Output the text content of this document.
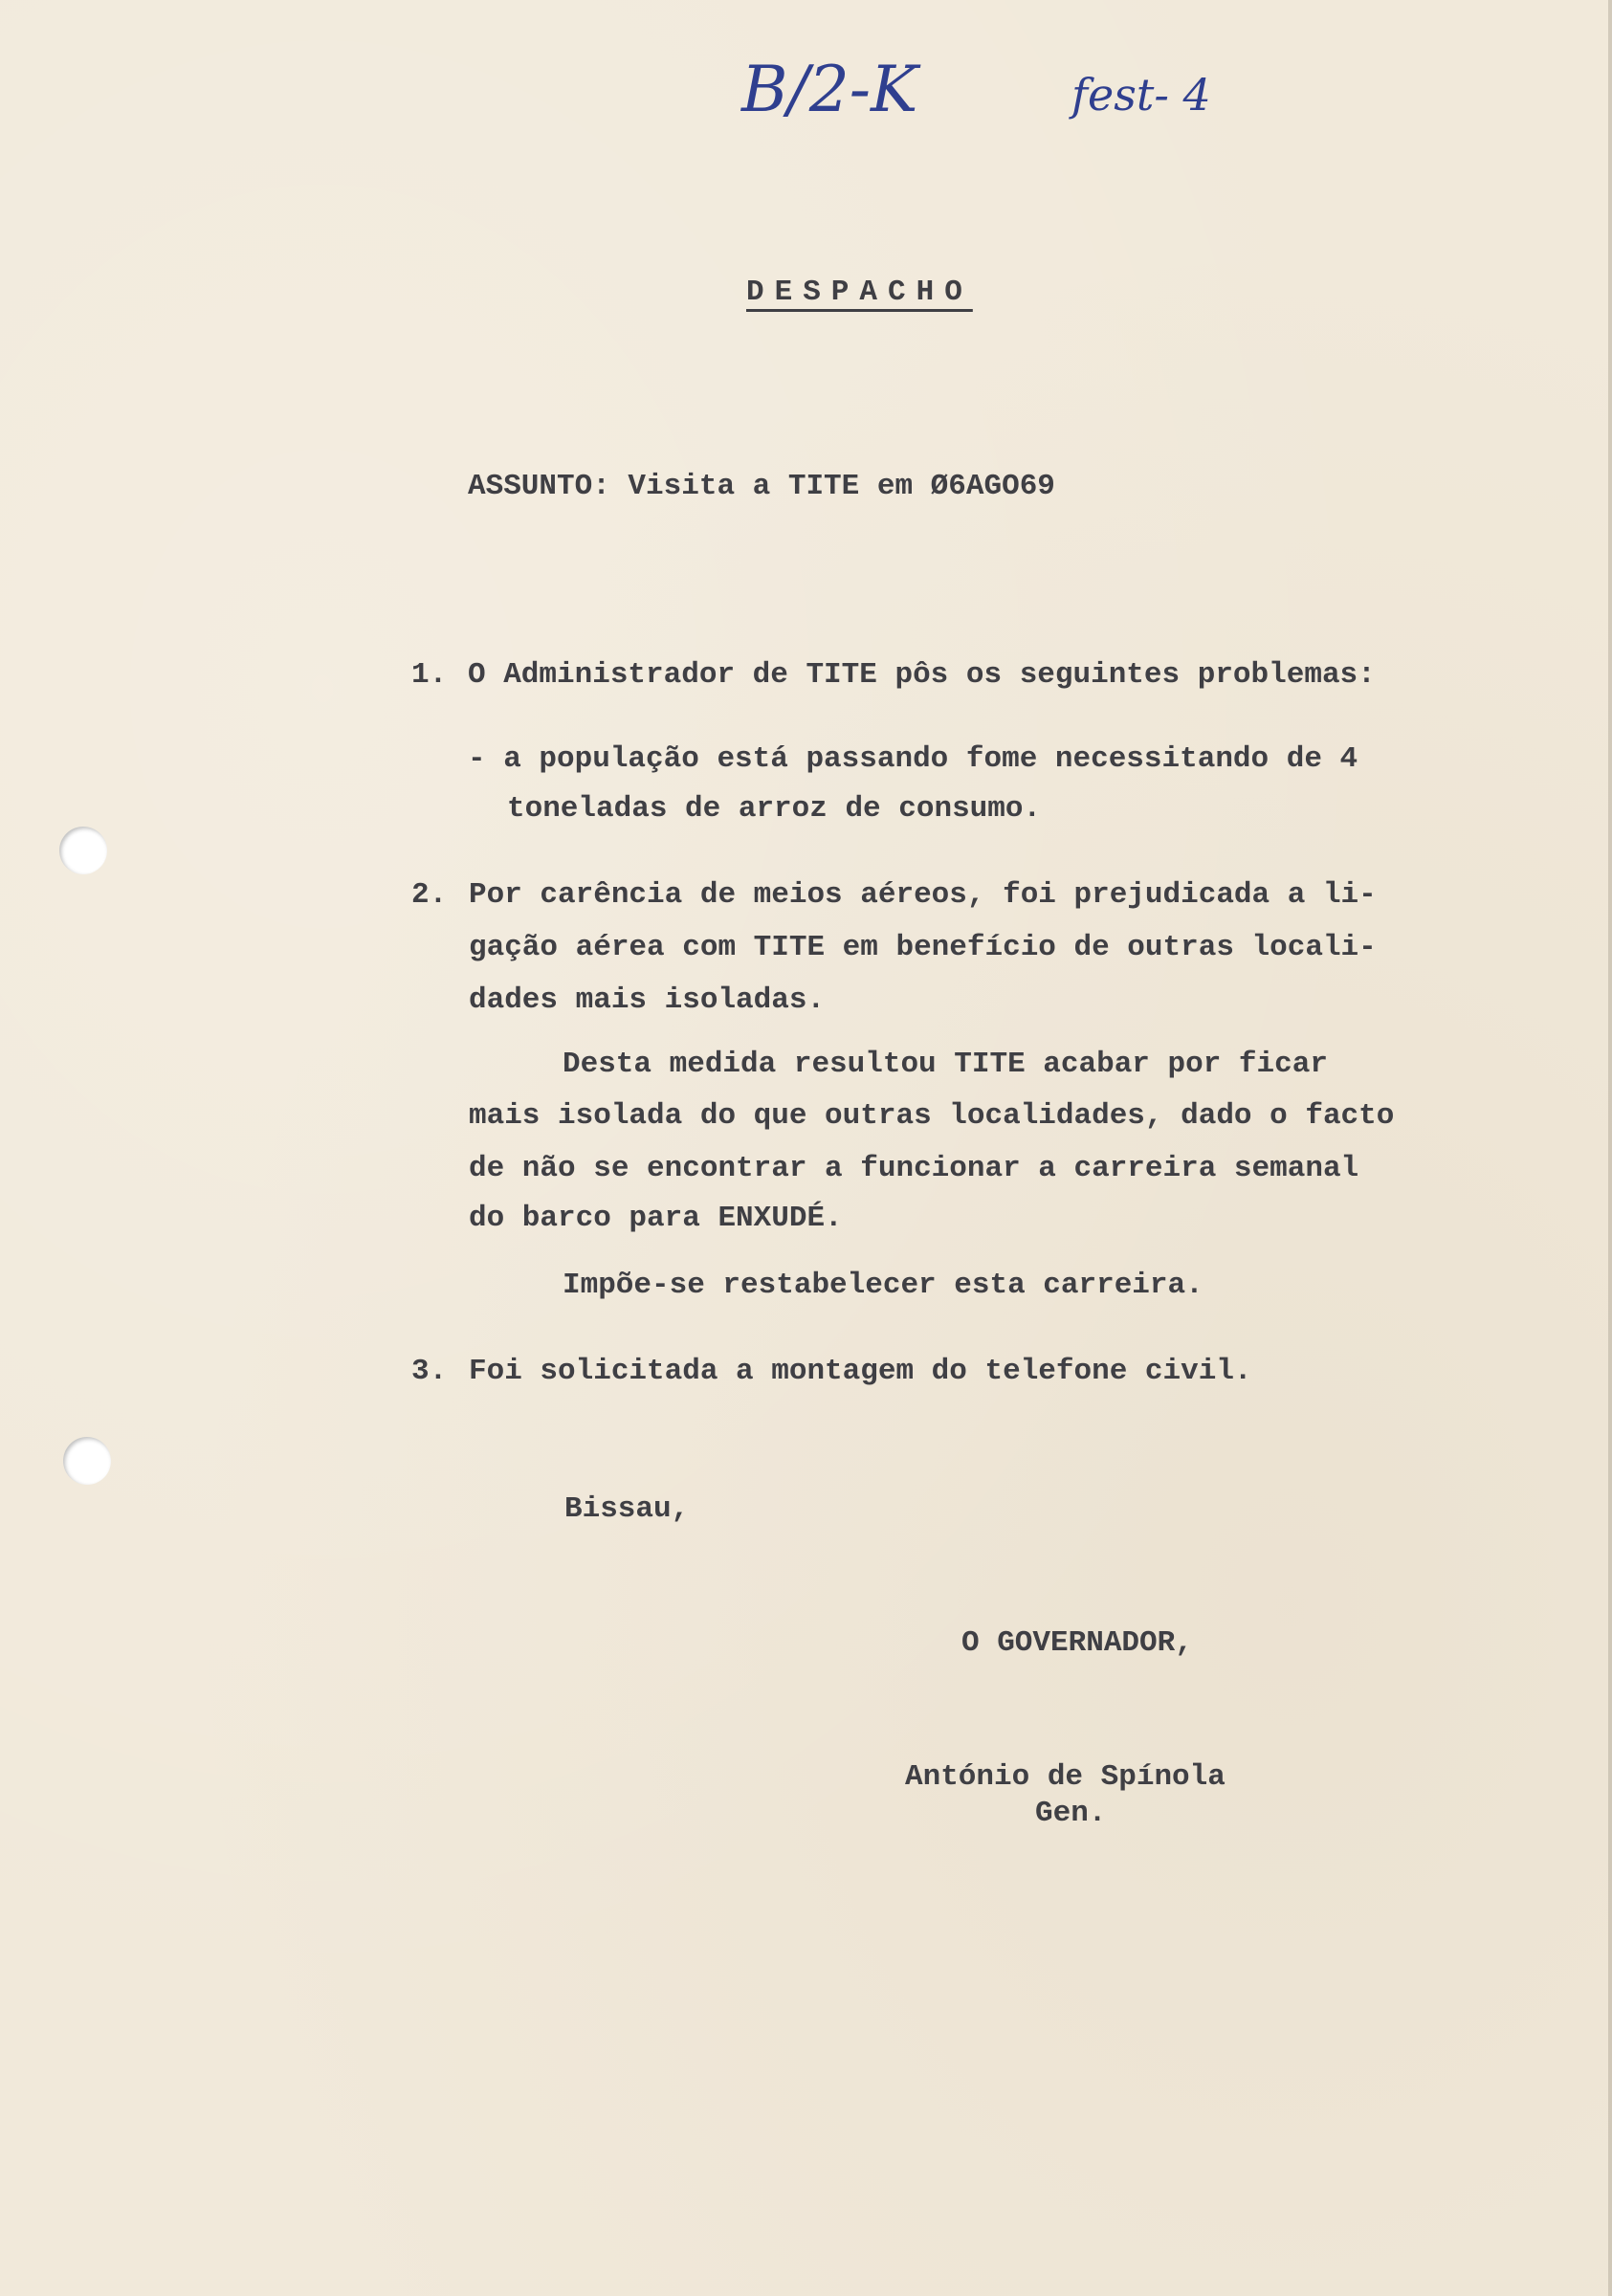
B/2-K	fest- 4
DESPACHO
ASSUNTO: Visita a TITE em Ø6AGO69
1. O Administrador de TITE pôs os seguintes problemas:
- a população está passando fome necessitando de 4
toneladas de arroz de consumo.
2. Por carência de meios aéreos, foi prejudicada a li-
gação aérea com TITE em benefício de outras locali-
dades mais isoladas.
Desta medida resultou TITE acabar por ficar
mais isolada do que outras localidades, dado o facto
de não se encontrar a funcionar a carreira semanal
do barco para ENXUDÉ.
Impõe-se restabelecer esta carreira.
3. Foi solicitada a montagem do telefone civil.
Bissau,
O GOVERNADOR,
António de Spínola
Gen.
